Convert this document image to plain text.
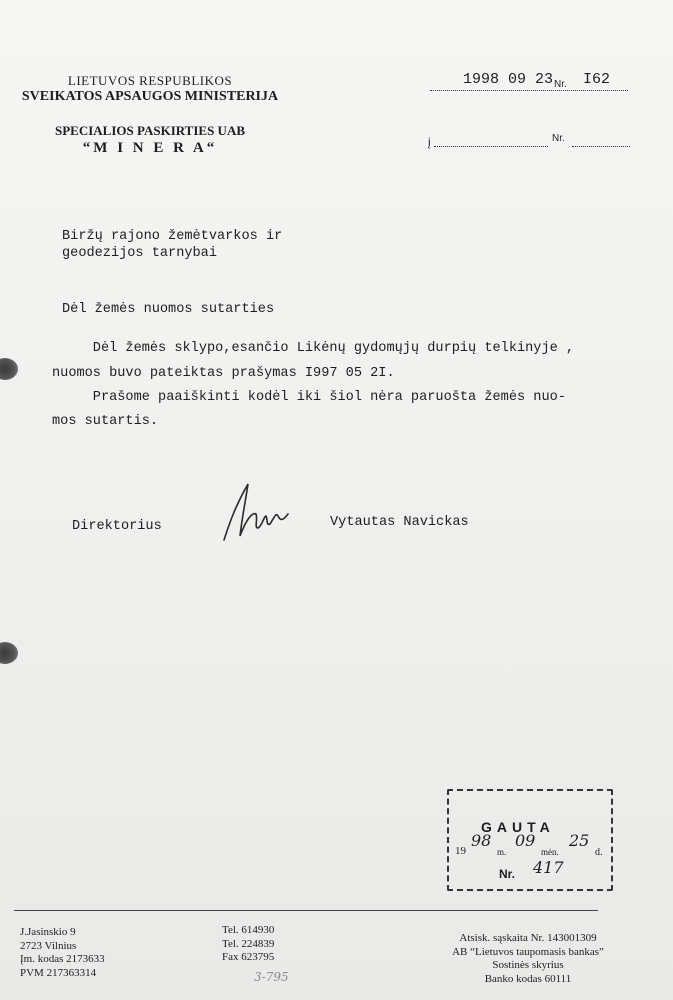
LIETUVOS RESPUBLIKOS
SVEIKATOS APSAUGOS MINISTERIJA
SPECIALIOS PASKIRTIES UAB
“M I N E R A“
1998 09 23 Nr. I62
į	Nr.
Biržų rajono žemėtvarkos ir
geodezijos tarnybai
Dėl žemės nuomos sutarties
Dėl žemės sklypo,esančio Likėnų gydomųjų durpių telkinyje ,
nuomos buvo pateiktas prašymas I997 05 2I.
Prašome paaiškinti kodėl iki šiol nėra paruošta žemės nuo-
mos sutartis.
Direktorius	Vytautas Navickas
GAUTA
19
98
m.
09
mėn.
25
d.
Nr. 417
J.Jasinskio 9
2723 Vilnius
Įm. kodas 2173633
PVM 217363314
Tel. 614930
Tel. 224839
Fax 623795
3-795
Atsisk. sąskaita Nr. 143001309
AB “Lietuvos taupomasis bankas”
Sostinės skyrius
Banko kodas 60111
